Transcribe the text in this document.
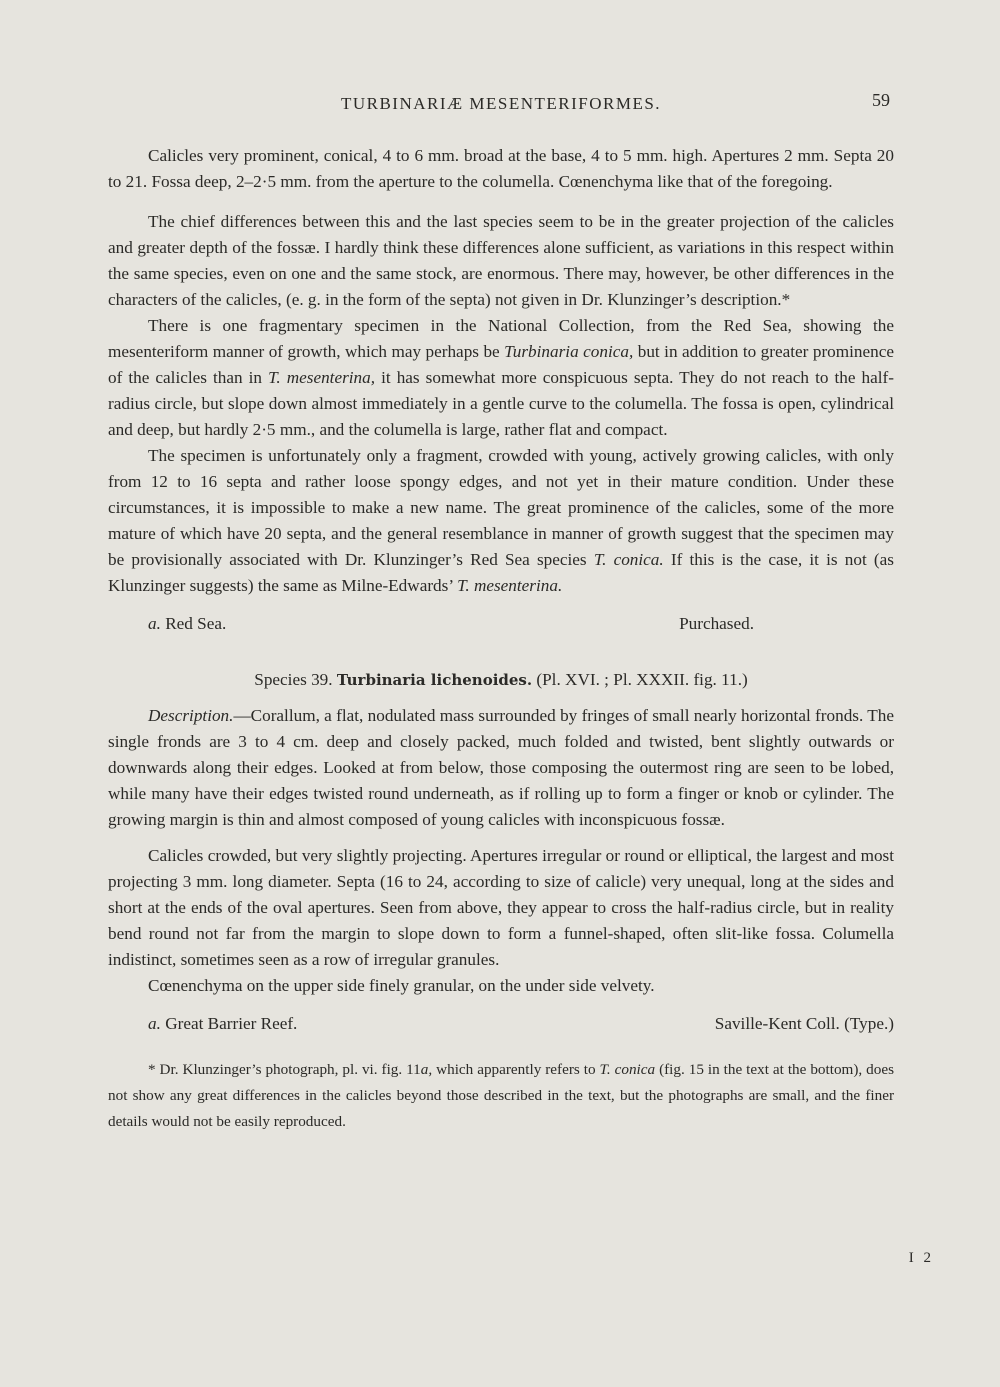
TURBINARIÆ MESENTERIFORMES.	59

Calicles very prominent, conical, 4 to 6 mm. broad at the base, 4 to 5 mm. high. Apertures 2 mm. Septa 20 to 21. Fossa deep, 2–2·5 mm. from the aperture to the columella. Cœnenchyma like that of the foregoing.

The chief differences between this and the last species seem to be in the greater projection of the calicles and greater depth of the fossæ. I hardly think these differences alone sufficient, as variations in this respect within the same species, even on one and the same stock, are enormous. There may, however, be other differences in the characters of the calicles, (e. g. in the form of the septa) not given in Dr. Klunzinger’s description.*

There is one fragmentary specimen in the National Collection, from the Red Sea, showing the mesenteriform manner of growth, which may perhaps be Turbinaria conica, but in addition to greater prominence of the calicles than in T. mesenterina, it has somewhat more conspicuous septa. They do not reach to the half-radius circle, but slope down almost immediately in a gentle curve to the columella. The fossa is open, cylindrical and deep, but hardly 2·5 mm., and the columella is large, rather flat and compact.

The specimen is unfortunately only a fragment, crowded with young, actively growing calicles, with only from 12 to 16 septa and rather loose spongy edges, and not yet in their mature condition. Under these circumstances, it is impossible to make a new name. The great prominence of the calicles, some of the more mature of which have 20 septa, and the general resemblance in manner of growth suggest that the specimen may be provisionally associated with Dr. Klunzinger’s Red Sea species T. conica. If this is the case, it is not (as Klunzinger suggests) the same as Milne-Edwards’ T. mesenterina.

a. Red Sea.	Purchased.

Species 39. Turbinaria lichenoides. (Pl. XVI. ; Pl. XXXII. fig. 11.)

Description.—Corallum, a flat, nodulated mass surrounded by fringes of small nearly horizontal fronds. The single fronds are 3 to 4 cm. deep and closely packed, much folded and twisted, bent slightly outwards or downwards along their edges. Looked at from below, those composing the outermost ring are seen to be lobed, while many have their edges twisted round underneath, as if rolling up to form a finger or knob or cylinder. The growing margin is thin and almost composed of young calicles with inconspicuous fossæ.

Calicles crowded, but very slightly projecting. Apertures irregular or round or elliptical, the largest and most projecting 3 mm. long diameter. Septa (16 to 24, according to size of calicle) very unequal, long at the sides and short at the ends of the oval apertures. Seen from above, they appear to cross the half-radius circle, but in reality bend round not far from the margin to slope down to form a funnel-shaped, often slit-like fossa. Columella indistinct, sometimes seen as a row of irregular granules.

Cœnenchyma on the upper side finely granular, on the under side velvety.

a. Great Barrier Reef.	Saville-Kent Coll. (Type.)

* Dr. Klunzinger’s photograph, pl. vi. fig. 11a, which apparently refers to T. conica (fig. 15 in the text at the bottom), does not show any great differences in the calicles beyond those described in the text, but the photographs are small, and the finer details would not be easily reproduced.

I 2
